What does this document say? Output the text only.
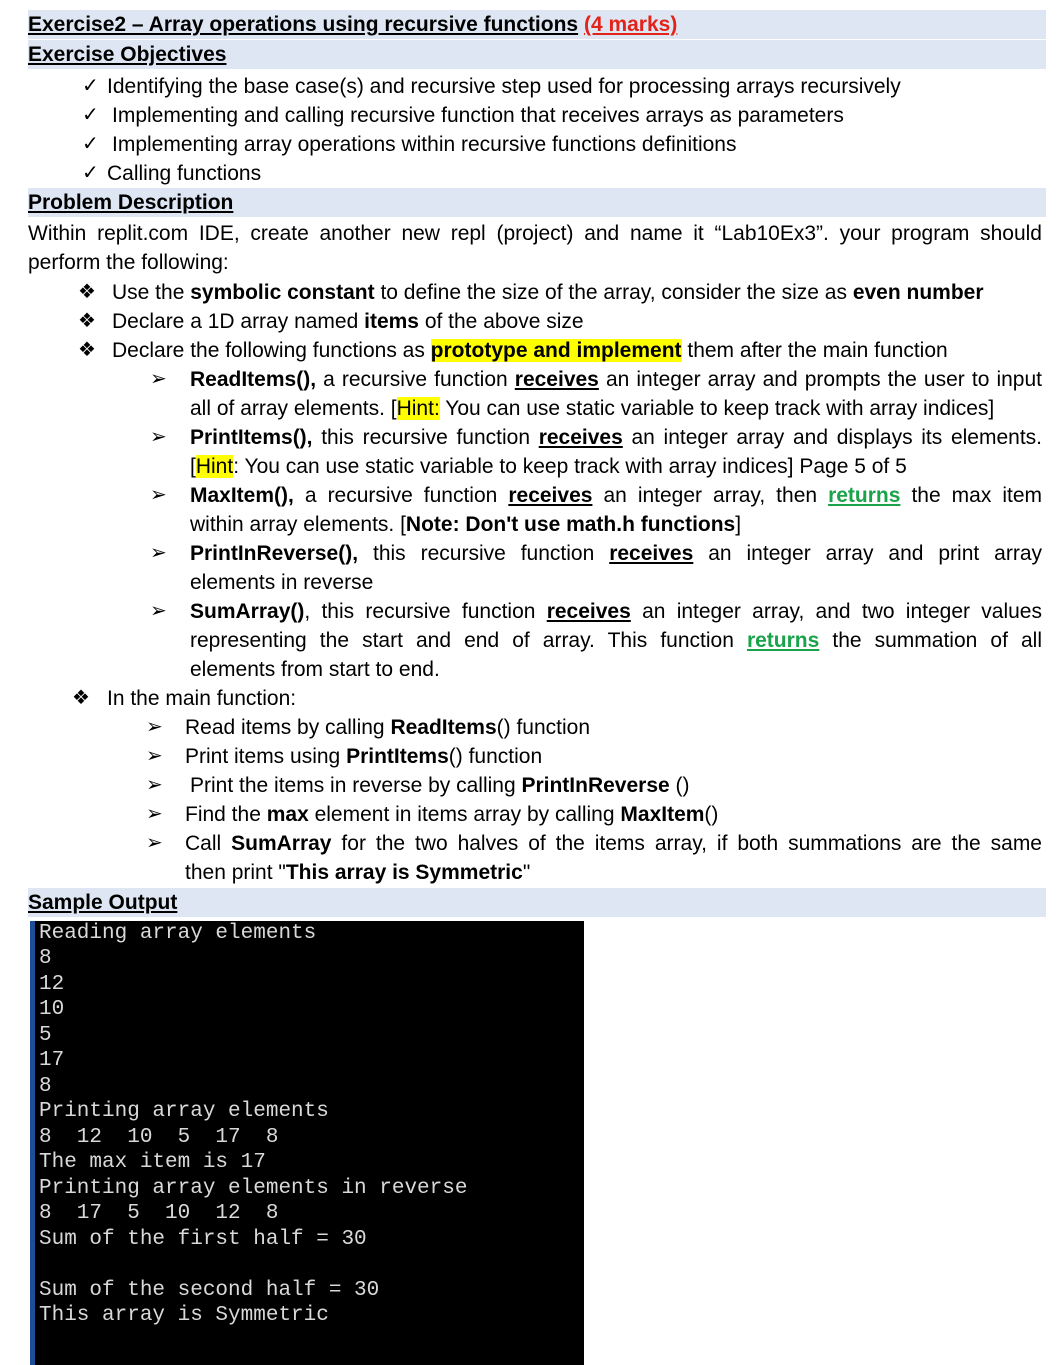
Exercise2 – Array operations using recursive functions (4 marks)
Exercise Objectives
✓ Identifying the base case(s) and recursive step used for processing arrays recursively
✓ Implementing and calling recursive function that receives arrays as parameters
✓ Implementing array operations within recursive functions definitions
✓ Calling functions
Problem Description
Within replit.com IDE, create another new repl (project) and name it “Lab10Ex3”. your program should
perform the following:
❖ Use the symbolic constant to define the size of the array, consider the size as even number
❖ Declare a 1D array named items of the above size
❖ Declare the following functions as prototype and implement them after the main function
➢ ReadItems(), a recursive function receives an integer array and prompts the user to input
all of array elements. [Hint: You can use static variable to keep track with array indices]
➢ PrintItems(), this recursive function receives an integer array and displays its elements.
[Hint: You can use static variable to keep track with array indices] Page 5 of 5
➢ MaxItem(), a recursive function receives an integer array, then returns the max item
within array elements. [Note: Don't use math.h functions]
➢ PrintInReverse(), this recursive function receives an integer array and print array
elements in reverse
➢ SumArray(), this recursive function receives an integer array, and two integer values
representing the start and end of array. This function returns the summation of all
elements from start to end.
❖ In the main function:
➢ Read items by calling ReadItems() function
➢ Print items using PrintItems() function
➢ Print the items in reverse by calling PrintInReverse ()
➢ Find the max element in items array by calling MaxItem()
➢ Call SumArray for the two halves of the items array, if both summations are the same
then print "This array is Symmetric"
Sample Output
Reading array elements
8
12
10
5
17
8
Printing array elements
8  12  10  5  17  8
The max item is 17
Printing array elements in reverse
8  17  5  10  12  8
Sum of the first half = 30
Sum of the second half = 30
This array is Symmetric
